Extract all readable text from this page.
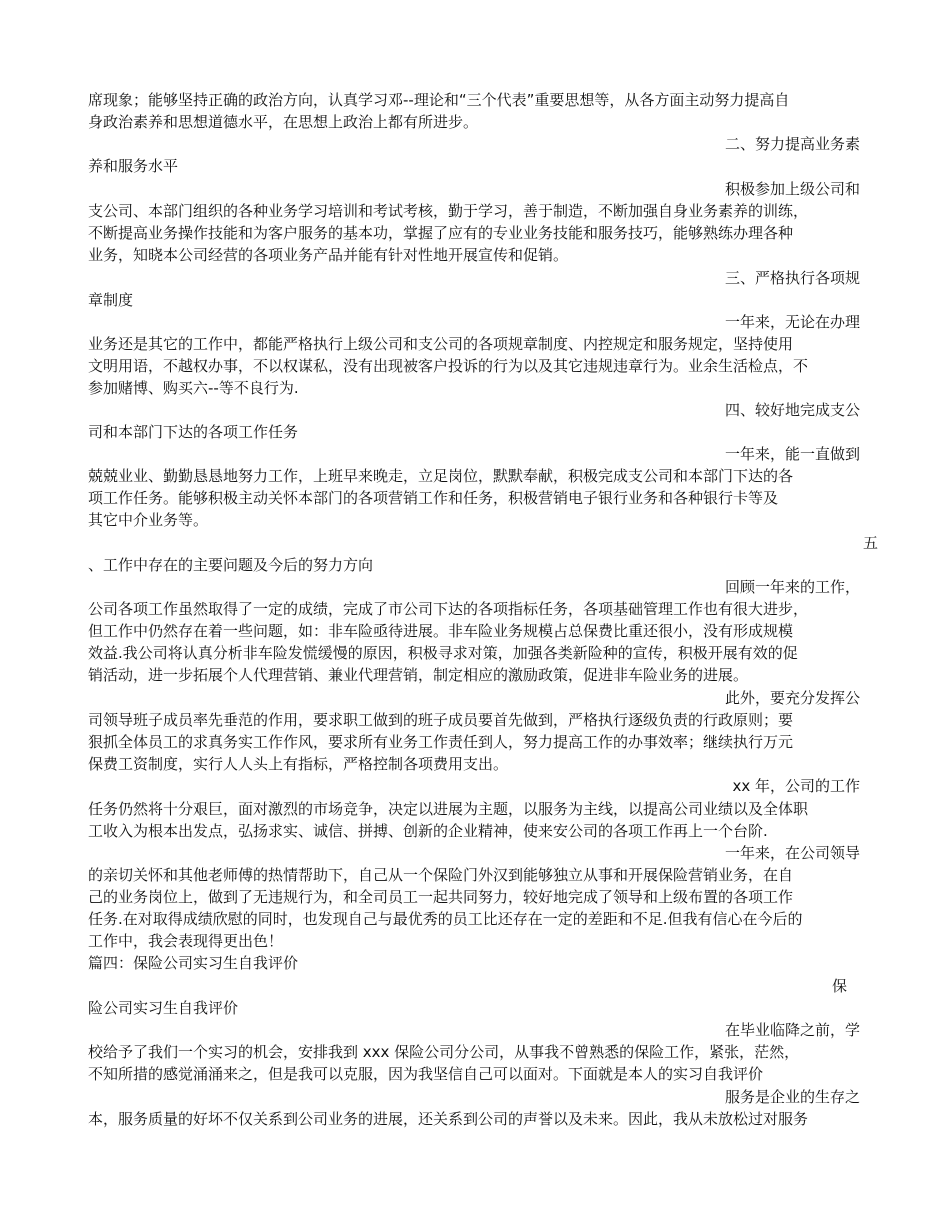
席现象；能够坚持正确的政治方向，认真学习邓--理论和“三个代表”重要思想等，从各方面主动努力提高自
身政治素养和思想道德水平，在思想上政治上都有所进步。
二、努力提高业务素
养和服务水平
积极参加上级公司和
支公司、本部门组织的各种业务学习培训和考试考核，勤于学习，善于制造，不断加强自身业务素养的训练，
不断提高业务操作技能和为客户服务的基本功，掌握了应有的专业业务技能和服务技巧，能够熟练办理各种
业务，知晓本公司经营的各项业务产品并能有针对性地开展宣传和促销。
三、严格执行各项规
章制度
一年来，无论在办理
业务还是其它的工作中，都能严格执行上级公司和支公司的各项规章制度、内控规定和服务规定，坚持使用
文明用语，不越权办事，不以权谋私，没有出现被客户投诉的行为以及其它违规违章行为。业余生活检点，不
参加赌博、购买六--等不良行为.
四、较好地完成支公
司和本部门下达的各项工作任务
一年来，能一直做到
兢兢业业、勤勤恳恳地努力工作，上班早来晚走，立足岗位，默默奉献，积极完成支公司和本部门下达的各
项工作任务。能够积极主动关怀本部门的各项营销工作和任务，积极营销电子银行业务和各种银行卡等及
其它中介业务等。
五
、工作中存在的主要问题及今后的努力方向
回顾一年来的工作，
公司各项工作虽然取得了一定的成绩，完成了市公司下达的各项指标任务，各项基础管理工作也有很大进步，
但工作中仍然存在着一些问题，如：非车险亟待进展。非车险业务规模占总保费比重还很小，没有形成规模
效益.我公司将认真分析非车险发慌缓慢的原因，积极寻求对策，加强各类新险种的宣传，积极开展有效的促
销活动，进一步拓展个人代理营销、兼业代理营销，制定相应的激励政策，促进非车险业务的进展。
此外，要充分发挥公
司领导班子成员率先垂范的作用，要求职工做到的班子成员要首先做到，严格执行逐级负责的行政原则；要
狠抓全体员工的求真务实工作作风，要求所有业务工作责任到人，努力提高工作的办事效率；继续执行万元
保费工资制度，实行人人头上有指标，严格控制各项费用支出。
xx 年，公司的工作
任务仍然将十分艰巨，面对激烈的市场竞争，决定以进展为主题，以服务为主线，以提高公司业绩以及全体职
工收入为根本出发点，弘扬求实、诚信、拼搏、创新的企业精神，使来安公司的各项工作再上一个台阶.
一年来，在公司领导
的亲切关怀和其他老师傅的热情帮助下，自己从一个保险门外汉到能够独立从事和开展保险营销业务，在自
己的业务岗位上，做到了无违规行为，和全司员工一起共同努力，较好地完成了领导和上级布置的各项工作
任务.在对取得成绩欣慰的同时，也发现自己与最优秀的员工比还存在一定的差距和不足.但我有信心在今后的
工作中，我会表现得更出色！
篇四：保险公司实习生自我评价
保
险公司实习生自我评价
在毕业临降之前，学
校给予了我们一个实习的机会，安排我到 xxx 保险公司分公司，从事我不曾熟悉的保险工作，紧张，茫然，
不知所措的感觉涌涌来之，但是我可以克服，因为我坚信自己可以面对。下面就是本人的实习自我评价
服务是企业的生存之
本，服务质量的好坏不仅关系到公司业务的进展，还关系到公司的声誉以及未来。因此，我从未放松过对服务
